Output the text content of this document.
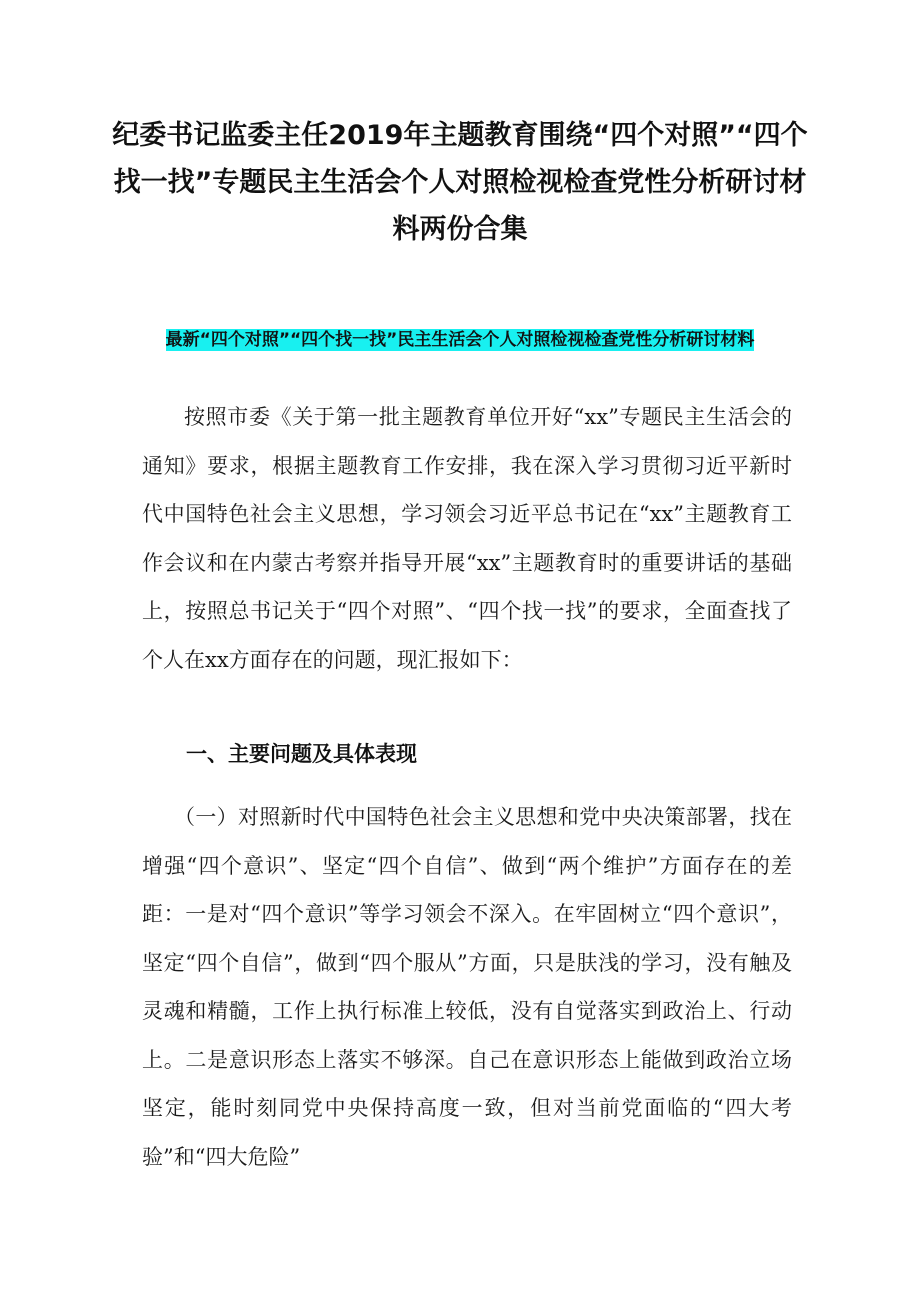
纪委书记监委主任2019年主题教育围绕“四个对照”“四个找一找”专题民主生活会个人对照检视检查党性分析研讨材料两份合集
最新“四个对照”“四个找一找”民主生活会个人对照检视检查党性分析研讨材料
按照市委《关于第一批主题教育单位开好“xx”专题民主生活会的通知》要求，根据主题教育工作安排，我在深入学习贯彻习近平新时代中国特色社会主义思想，学习领会习近平总书记在“xx”主题教育工作会议和在内蒙古考察并指导开展“xx”主题教育时的重要讲话的基础上，按照总书记关于“四个对照”、“四个找一找”的要求，全面查找了个人在xx方面存在的问题，现汇报如下：
一、主要问题及具体表现
（一）对照新时代中国特色社会主义思想和党中央决策部署，找在增强“四个意识”、坚定“四个自信”、做到“两个维护”方面存在的差距：一是对“四个意识”等学习领会不深入。在牢固树立“四个意识”，坚定“四个自信”，做到“四个服从”方面，只是肤浅的学习，没有触及灵魂和精髓，工作上执行标准上较低，没有自觉落实到政治上、行动上。二是意识形态上落实不够深。自己在意识形态上能做到政治立场坚定，能时刻同党中央保持高度一致，但对当前党面临的“四大考验”和“四大危险”
